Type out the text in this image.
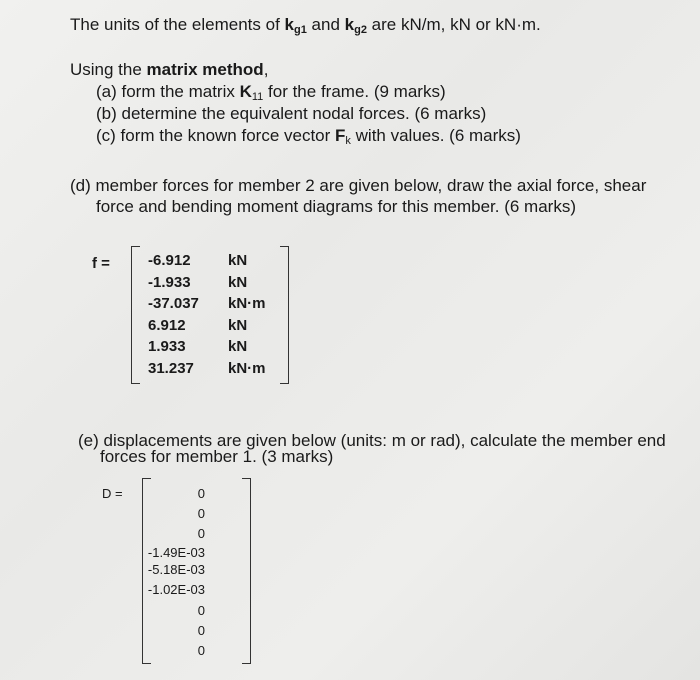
The units of the elements of $k_{g1}$ and $k_{g2}$ are kN/m, kN or kN·m.
Using the matrix method,
(a) form the matrix $K_{11}$ for the frame. (9 marks)
(b) determine the equivalent nodal forces. (6 marks)
(c) form the known force vector $F_k$ with values. (6 marks)
(d) member forces for member 2 are given below, draw the axial force, shear
force and bending moment diagrams for this member. (6 marks)
f =	-6.912 kN
-1.933 kN
-37.037 kN·m
6.912	kN
1.933	kN
31.237 kN·m
(e) displacements are given below (units: m or rad), calculate the member end
forces for member 1. (3 marks)
D =	0
0
0
-1.49E-03
-5.18E-03
-1.02E-03
0
0
0
